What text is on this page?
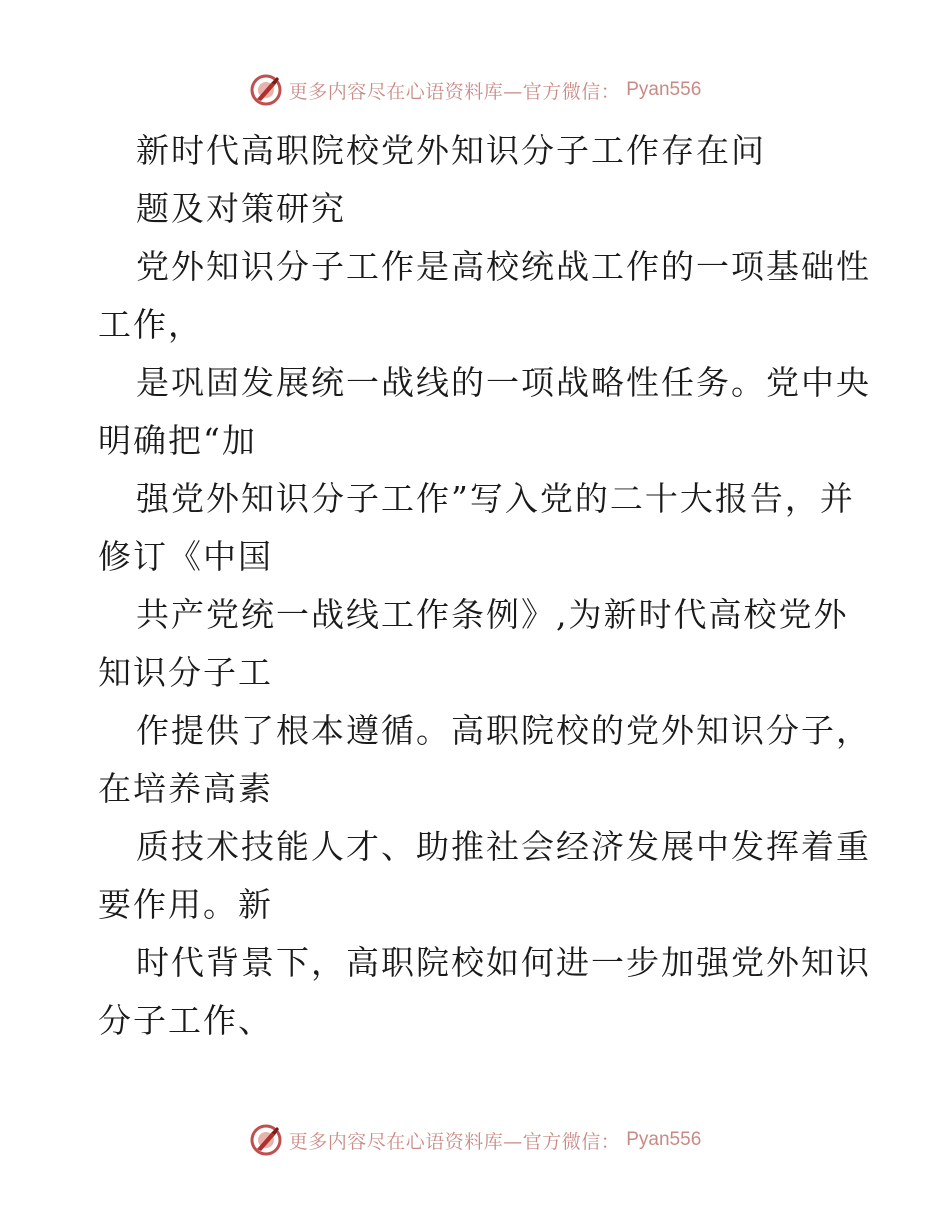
更多内容尽在心语资料库—官方微信： Pyan556
新时代高职院校党外知识分子工作存在问
题及对策研究
党外知识分子工作是高校统战工作的一项基础性
工作，
是巩固发展统一战线的一项战略性任务。党中央
明确把“加
强党外知识分子工作”写入党的二十大报告，并
修订《中国
共产党统一战线工作条例》,为新时代高校党外
知识分子工
作提供了根本遵循。高职院校的党外知识分子，
在培养高素
质技术技能人才、助推社会经济发展中发挥着重
要作用。新
时代背景下，高职院校如何进一步加强党外知识
分子工作、
更多内容尽在心语资料库—官方微信： Pyan556
